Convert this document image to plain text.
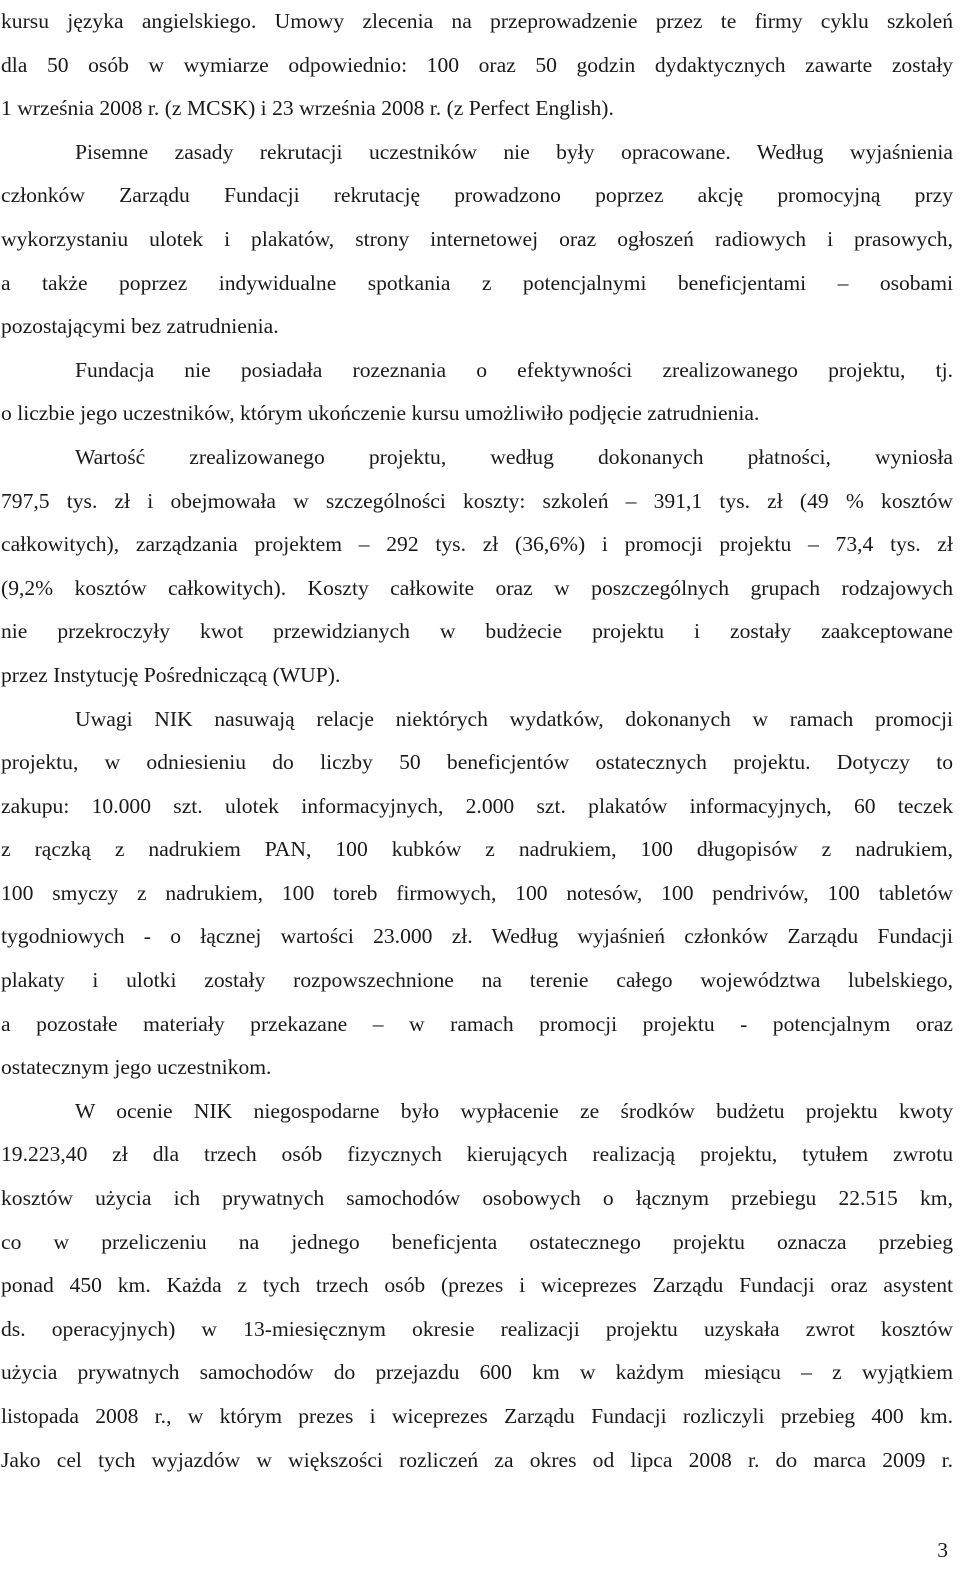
kursu języka angielskiego. Umowy zlecenia na przeprowadzenie przez te firmy cyklu szkoleń
dla 50 osób w wymiarze odpowiednio: 100 oraz 50 godzin dydaktycznych zawarte zostały
1 września 2008 r. (z MCSK) i 23 września 2008 r. (z Perfect English).
Pisemne zasady rekrutacji uczestników nie były opracowane. Według wyjaśnienia
członków Zarządu Fundacji rekrutację prowadzono poprzez akcję promocyjną przy
wykorzystaniu ulotek i plakatów, strony internetowej oraz ogłoszeń radiowych i prasowych,
a także poprzez indywidualne spotkania z potencjalnymi beneficjentami – osobami
pozostającymi bez zatrudnienia.
Fundacja nie posiadała rozeznania o efektywności zrealizowanego projektu, tj.
o liczbie jego uczestników, którym ukończenie kursu umożliwiło podjęcie zatrudnienia.
Wartość zrealizowanego projektu, według dokonanych płatności, wyniosła
797,5 tys. zł i obejmowała w szczególności koszty: szkoleń – 391,1 tys. zł (49 % kosztów
całkowitych), zarządzania projektem – 292 tys. zł (36,6%) i promocji projektu – 73,4 tys. zł
(9,2% kosztów całkowitych). Koszty całkowite oraz w poszczególnych grupach rodzajowych
nie przekroczyły kwot przewidzianych w budżecie projektu i zostały zaakceptowane
przez Instytucję Pośredniczącą (WUP).
Uwagi NIK nasuwają relacje niektórych wydatków, dokonanych w ramach promocji
projektu, w odniesieniu do liczby 50 beneficjentów ostatecznych projektu. Dotyczy to
zakupu: 10.000 szt. ulotek informacyjnych, 2.000 szt. plakatów informacyjnych, 60 teczek
z rączką z nadrukiem PAN, 100 kubków z nadrukiem, 100 długopisów z nadrukiem,
100 smyczy z nadrukiem, 100 toreb firmowych, 100 notesów, 100 pendrivów, 100 tabletów
tygodniowych - o łącznej wartości 23.000 zł. Według wyjaśnień członków Zarządu Fundacji
plakaty i ulotki zostały rozpowszechnione na terenie całego województwa lubelskiego,
a pozostałe materiały przekazane – w ramach promocji projektu - potencjalnym oraz
ostatecznym jego uczestnikom.
W ocenie NIK niegospodarne było wypłacenie ze środków budżetu projektu kwoty
19.223,40 zł dla trzech osób fizycznych kierujących realizacją projektu, tytułem zwrotu
kosztów użycia ich prywatnych samochodów osobowych o łącznym przebiegu 22.515 km,
co w przeliczeniu na jednego beneficjenta ostatecznego projektu oznacza przebieg
ponad 450 km. Każda z tych trzech osób (prezes i wiceprezes Zarządu Fundacji oraz asystent
ds. operacyjnych) w 13-miesięcznym okresie realizacji projektu uzyskała zwrot kosztów
użycia prywatnych samochodów do przejazdu 600 km w każdym miesiącu – z wyjątkiem
listopada 2008 r., w którym prezes i wiceprezes Zarządu Fundacji rozliczyli przebieg 400 km.
Jako cel tych wyjazdów w większości rozliczeń za okres od lipca 2008 r. do marca 2009 r.
3
